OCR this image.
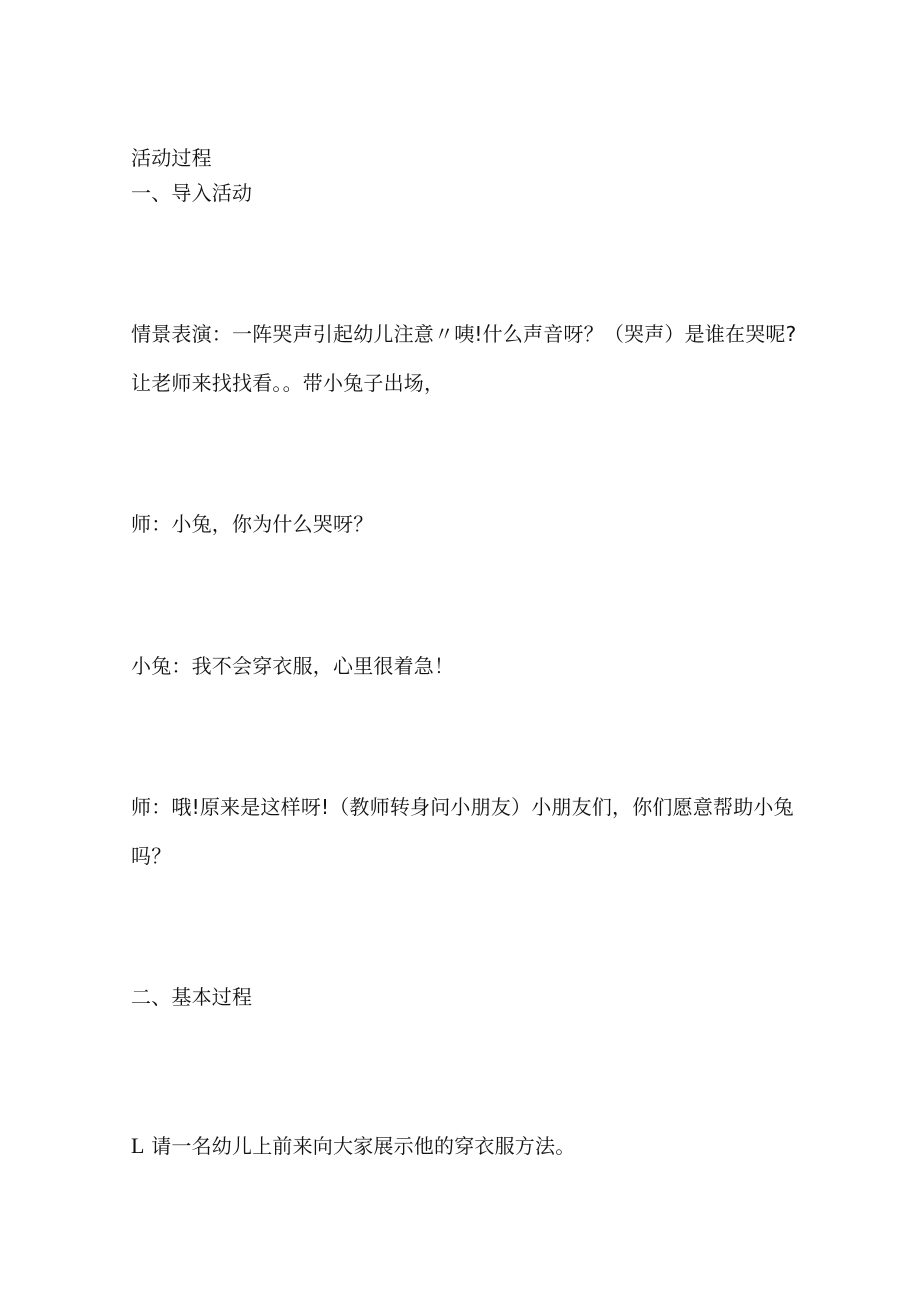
活动过程
一、导入活动
情景表演：一阵哭声引起幼儿注意〃咦!什么声音呀？（哭声）是谁在哭呢?
让老师来找找看。。带小兔子出场，
师：小兔，你为什么哭呀？
小兔：我不会穿衣服，心里很着急！
师：哦!原来是这样呀!（教师转身问小朋友）小朋友们，你们愿意帮助小兔
吗？
二、基本过程
L 请一名幼儿上前来向大家展示他的穿衣服方法。
